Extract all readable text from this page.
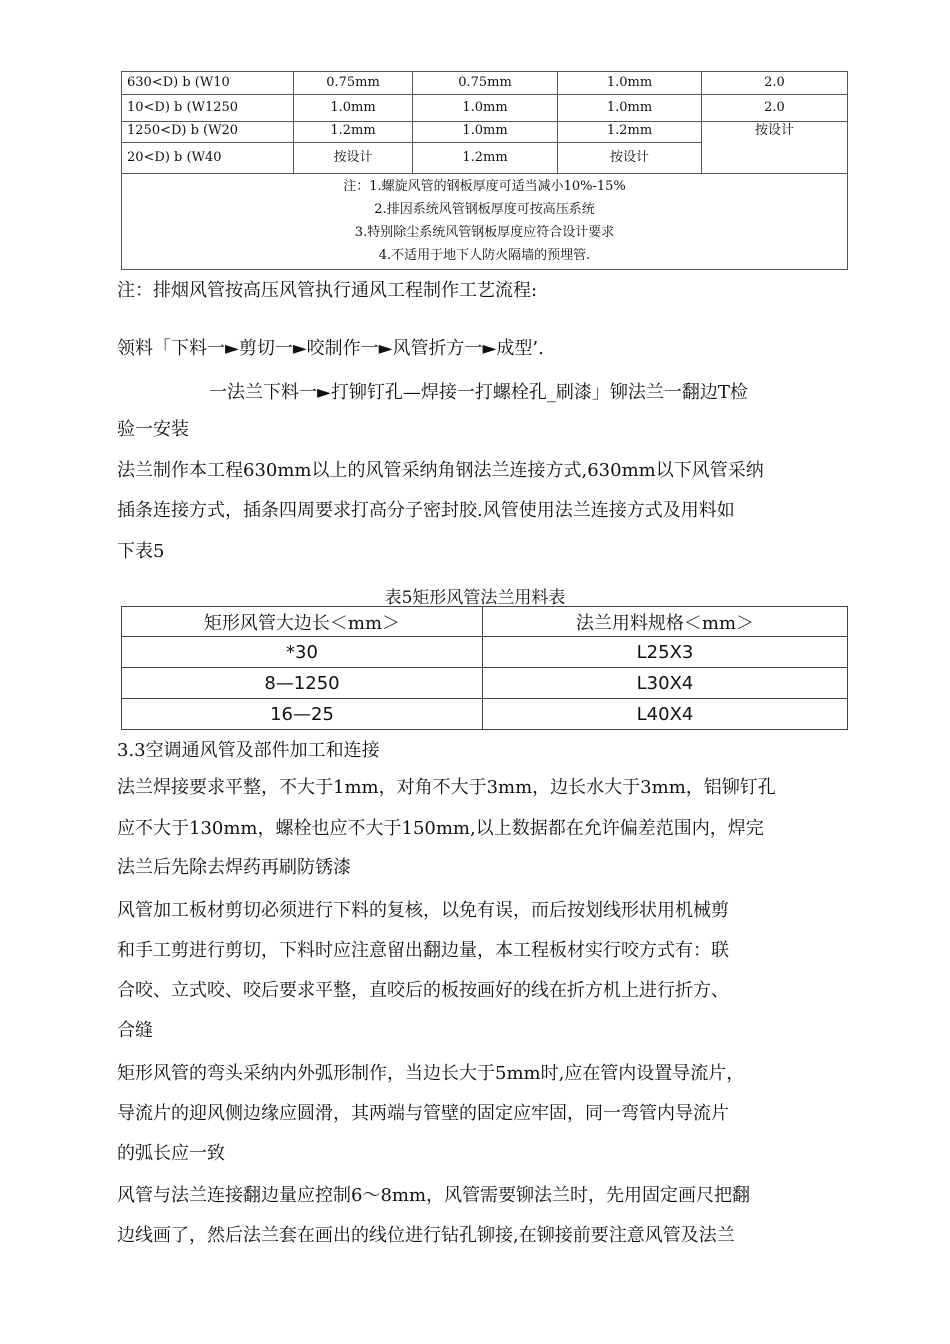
630<D) b (W10	0.75mm	0.75mm	1.0mm	2.0
10<D) b (W1250	1.0mm	1.0mm	1.0mm	2.0
1250<D) b (W20	1.2mm	1.0mm	1.2mm	按设计
20<D) b (W40	按设计	1.2mm	按设计	

注：1.螺旋风管的钢板厚度可适当减小10%-15%
2.排因系统风管钢板厚度可按高压系统
3.特别除尘系统风管钢板厚度应符合设计要求
4.不适用于地下人防火隔墙的预埋管.				
注：排烟风管按高压风管执行通风工程制作工艺流程:
领料「下料一►剪切一►咬制作一►风管折方一►成型’.
一法兰下料一►打铆钉孔—焊接一打螺栓孔_刷漆」铆法兰一翻边T检
验一安装
法兰制作本工程630mm以上的风管采纳角钢法兰连接方式,630mm以下风管采纳
插条连接方式，插条四周要求打高分子密封胶.风管使用法兰连接方式及用料如
下表5
表5矩形风管法兰用料表
矩形风管大边长＜mm＞	法兰用料规格＜mm＞
*30	L25X3
8—1250	L30X4
16—25	L40X4
3.3空调通风管及部件加工和连接
法兰焊接要求平整，不大于1mm，对角不大于3mm，边长水大于3mm，铝铆钉孔
应不大于130mm，螺栓也应不大于150mm,以上数据都在允许偏差范围内，焊完
法兰后先除去焊药再刷防锈漆
风管加工板材剪切必须进行下料的复核，以免有误，而后按划线形状用机械剪
和手工剪进行剪切，下料时应注意留出翻边量，本工程板材实行咬方式有：联
合咬、立式咬、咬后要求平整，直咬后的板按画好的线在折方机上进行折方、
合缝
矩形风管的弯头采纳内外弧形制作，当边长大于5mm时,应在管内设置导流片，
导流片的迎风侧边缘应圆滑，其两端与管壁的固定应牢固，同一弯管内导流片
的弧长应一致
风管与法兰连接翻边量应控制6〜8mm，风管需要铆法兰时，先用固定画尺把翻
边线画了，然后法兰套在画出的线位进行钻孔铆接,在铆接前要注意风管及法兰
